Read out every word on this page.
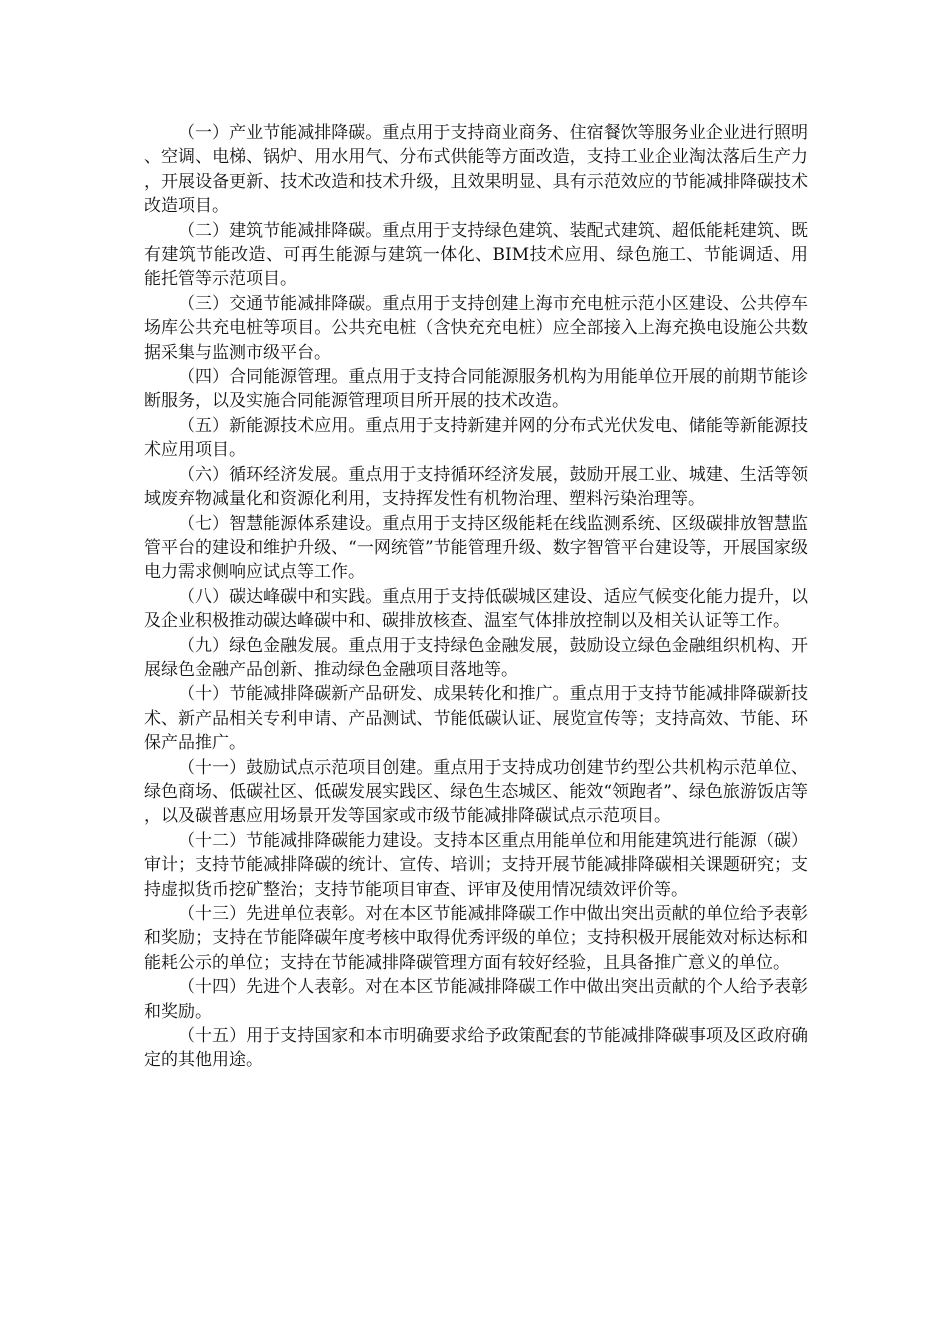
（一）产业节能减排降碳。重点用于支持商业商务、住宿餐饮等服务业企业进行照明、空调、电梯、锅炉、用水用气、分布式供能等方面改造，支持工业企业淘汰落后生产力，开展设备更新、技术改造和技术升级，且效果明显、具有示范效应的节能减排降碳技术改造项目。

（二）建筑节能减排降碳。重点用于支持绿色建筑、装配式建筑、超低能耗建筑、既有建筑节能改造、可再生能源与建筑一体化、BIM技术应用、绿色施工、节能调适、用能托管等示范项目。

（三）交通节能减排降碳。重点用于支持创建上海市充电桩示范小区建设、公共停车场库公共充电桩等项目。公共充电桩（含快充充电桩）应全部接入上海充换电设施公共数据采集与监测市级平台。

（四）合同能源管理。重点用于支持合同能源服务机构为用能单位开展的前期节能诊断服务，以及实施合同能源管理项目所开展的技术改造。

（五）新能源技术应用。重点用于支持新建并网的分布式光伏发电、储能等新能源技术应用项目。

（六）循环经济发展。重点用于支持循环经济发展，鼓励开展工业、城建、生活等领域废弃物减量化和资源化利用，支持挥发性有机物治理、塑料污染治理等。

（七）智慧能源体系建设。重点用于支持区级能耗在线监测系统、区级碳排放智慧监管平台的建设和维护升级、“一网统管”节能管理升级、数字智管平台建设等，开展国家级电力需求侧响应试点等工作。

（八）碳达峰碳中和实践。重点用于支持低碳城区建设、适应气候变化能力提升，以及企业积极推动碳达峰碳中和、碳排放核查、温室气体排放控制以及相关认证等工作。

（九）绿色金融发展。重点用于支持绿色金融发展，鼓励设立绿色金融组织机构、开展绿色金融产品创新、推动绿色金融项目落地等。

（十）节能减排降碳新产品研发、成果转化和推广。重点用于支持节能减排降碳新技术、新产品相关专利申请、产品测试、节能低碳认证、展览宣传等；支持高效、节能、环保产品推广。

（十一）鼓励试点示范项目创建。重点用于支持成功创建节约型公共机构示范单位、绿色商场、低碳社区、低碳发展实践区、绿色生态城区、能效“领跑者”、绿色旅游饭店等，以及碳普惠应用场景开发等国家或市级节能减排降碳试点示范项目。

（十二）节能减排降碳能力建设。支持本区重点用能单位和用能建筑进行能源（碳）审计；支持节能减排降碳的统计、宣传、培训；支持开展节能减排降碳相关课题研究；支持虚拟货币挖矿整治；支持节能项目审查、评审及使用情况绩效评价等。

（十三）先进单位表彰。对在本区节能减排降碳工作中做出突出贡献的单位给予表彰和奖励；支持在节能降碳年度考核中取得优秀评级的单位；支持积极开展能效对标达标和能耗公示的单位；支持在节能减排降碳管理方面有较好经验，且具备推广意义的单位。

（十四）先进个人表彰。对在本区节能减排降碳工作中做出突出贡献的个人给予表彰和奖励。

（十五）用于支持国家和本市明确要求给予政策配套的节能减排降碳事项及区政府确定的其他用途。
